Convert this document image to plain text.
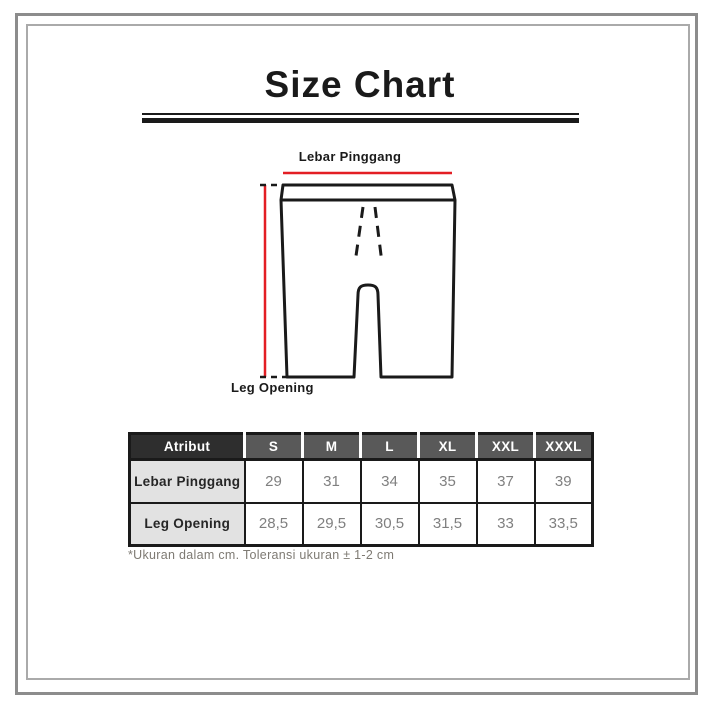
Size Chart
Lebar Pinggang
Leg Opening
Atribut	S	M	L	XL	XXL	XXXL
Lebar Pinggang	29	31	34	35	37	39
Leg Opening	28,5	29,5	30,5	31,5	33	33,5
*Ukuran dalam cm. Toleransi ukuran ± 1-2 cm
